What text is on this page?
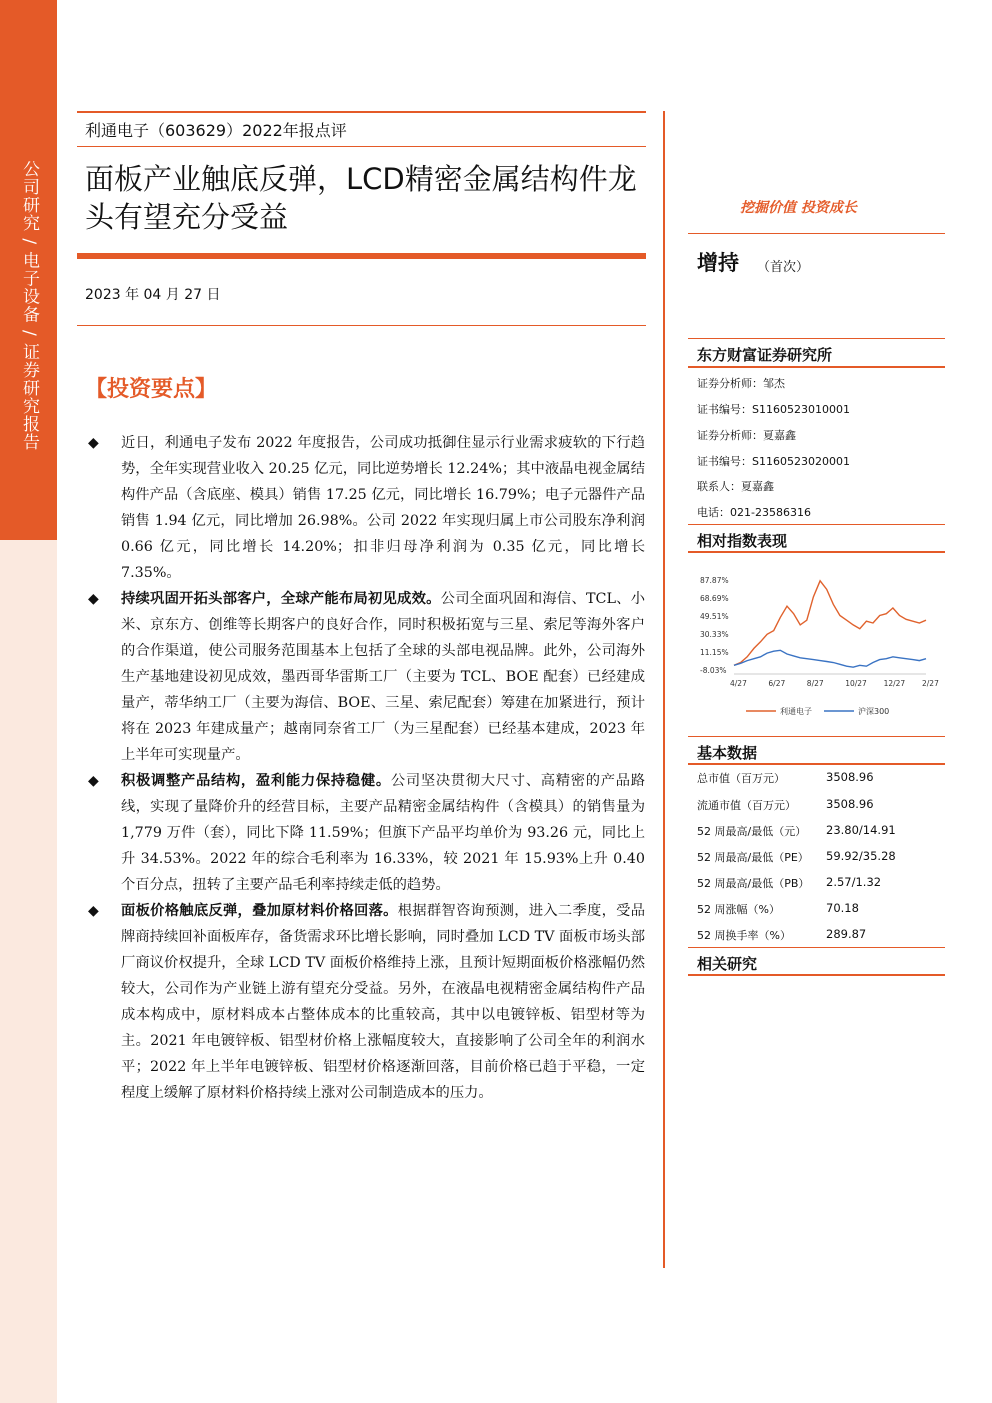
公司研究 / 电子设备 / 证券研究报告
利通电子（603629）2022年报点评
面板产业触底反弹，LCD精密金属结构件龙头有望充分受益
2023 年 04 月 27 日
【投资要点】
◆ 近日，利通电子发布 2022 年度报告，公司成功抵御住显示行业需求疲软的下行趋势，全年实现营业收入 20.25 亿元，同比逆势增长 12.24%；其中液晶电视金属结构件产品（含底座、模具）销售 17.25 亿元，同比增长 16.79%；电子元器件产品销售 1.94 亿元，同比增加 26.98%。公司 2022 年实现归属上市公司股东净利润 0.66 亿元，同比增长 14.20%；扣非归母净利润为 0.35 亿元，同比增长 7.35%。
◆ 持续巩固开拓头部客户，全球产能布局初见成效。公司全面巩固和海信、TCL、小米、京东方、创维等长期客户的良好合作，同时积极拓宽与三星、索尼等海外客户的合作渠道，使公司服务范围基本上包括了全球的头部电视品牌。此外，公司海外生产基地建设初见成效，墨西哥华雷斯工厂（主要为 TCL、BOE 配套）已经建成量产，蒂华纳工厂（主要为海信、BOE、三星、索尼配套）筹建在加紧进行，预计将在 2023 年建成量产；越南同奈省工厂（为三星配套）已经基本建成，2023 年上半年可实现量产。
◆ 积极调整产品结构，盈利能力保持稳健。公司坚决贯彻大尺寸、高精密的产品路线，实现了量降价升的经营目标，主要产品精密金属结构件（含模具）的销售量为 1,779 万件（套），同比下降 11.59%；但旗下产品平均单价为 93.26 元，同比上升 34.53%。2022 年的综合毛利率为 16.33%，较 2021 年 15.93%上升 0.40 个百分点，扭转了主要产品毛利率持续走低的趋势。
◆ 面板价格触底反弹，叠加原材料价格回落。根据群智咨询预测，进入二季度，受品牌商持续回补面板库存，备货需求环比增长影响，同时叠加 LCD TV 面板市场头部厂商议价权提升，全球 LCD TV 面板价格维持上涨，且预计短期面板价格涨幅仍然较大，公司作为产业链上游有望充分受益。另外，在液晶电视精密金属结构件产品成本构成中，原材料成本占整体成本的比重较高，其中以电镀锌板、铝型材等为主。2021 年电镀锌板、铝型材价格上涨幅度较大，直接影响了公司全年的利润水平；2022 年上半年电镀锌板、铝型材价格逐渐回落，目前价格已趋于平稳，一定程度上缓解了原材料价格持续上涨对公司制造成本的压力。
挖掘价值 投资成长
增持 （首次）
东方财富证券研究所
证券分析师：邹杰
证书编号：S1160523010001
证券分析师：夏嘉鑫
证书编号：S1160523020001
联系人：夏嘉鑫
电话：021-23586316
相对指数表现
87.87%
68.69%
49.51%
30.33%
11.15%
-8.03%
4/27	6/27	8/27	10/27 12/27 2/27
利通电子	沪深300
基本数据
总市值（百万元）	3508.96
流通市值（百万元）	3508.96
52 周最高/最低（元） 23.80/14.91
52 周最高/最低（PE） 59.92/35.28
52 周最高/最低（PB） 2.57/1.32
52 周涨幅（%）	70.18
52 周换手率（%）	289.87
相关研究
